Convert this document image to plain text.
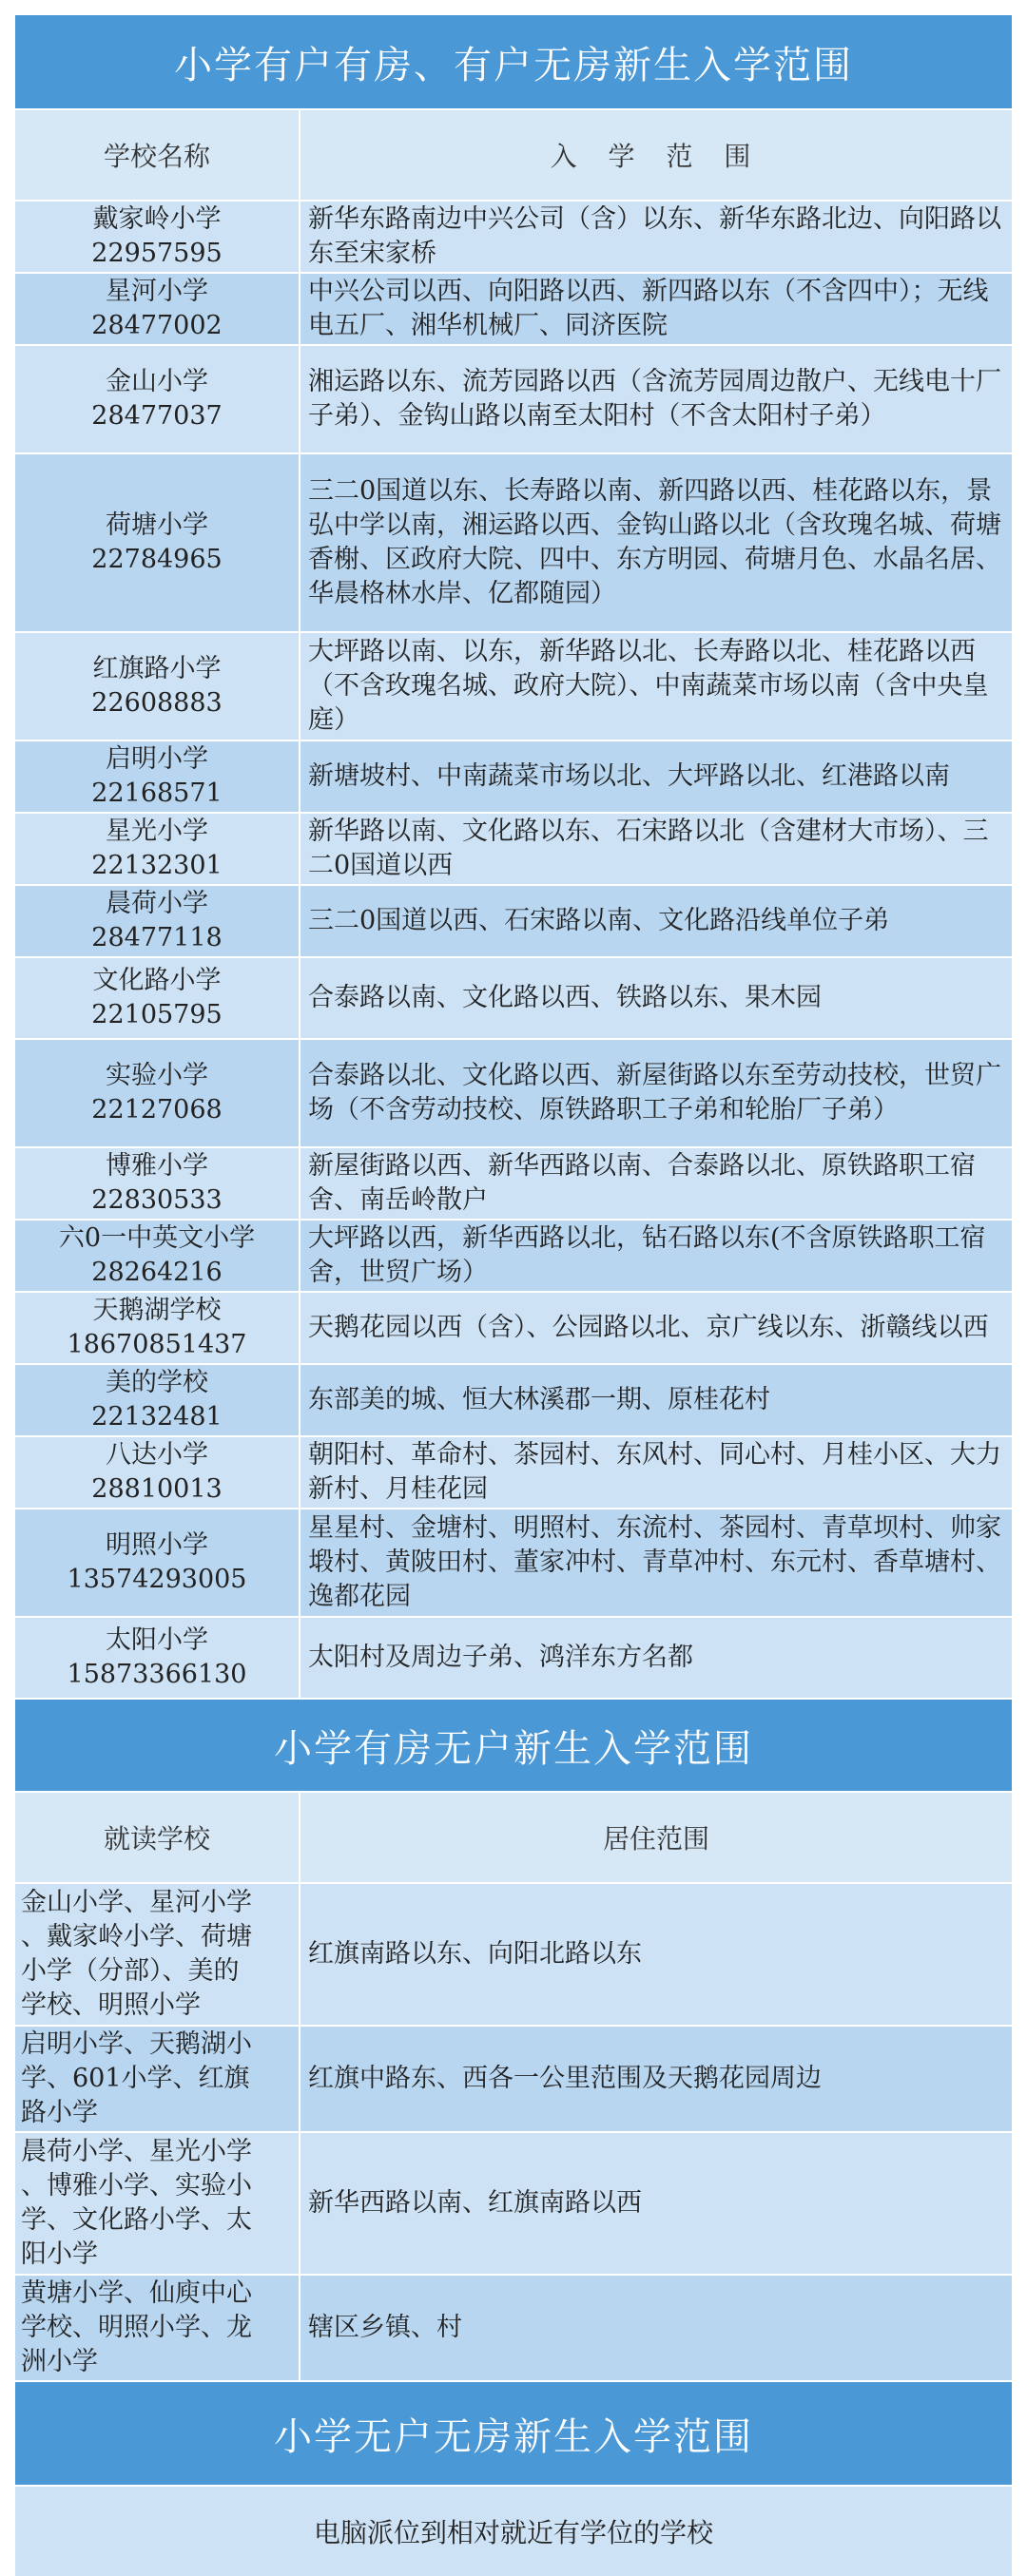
小学有户有房、有户无房新生入学范围
学校名称	入 学 范 围
戴家岭小学
22957595
新华东路南边中兴公司（含）以东、新华东路北边、向阳路以东至宋家桥
星河小学
28477002
中兴公司以西、向阳路以西、新四路以东（不含四中）；无线电五厂、湘华机械厂、同济医院
金山小学
28477037
湘运路以东、流芳园路以西（含流芳园周边散户、无线电十厂子弟）、金钩山路以南至太阳村（不含太阳村子弟）
荷塘小学
22784965
三二0国道以东、长寿路以南、新四路以西、桂花路以东，景弘中学以南，湘运路以西、金钩山路以北（含玫瑰名城、荷塘香榭、区政府大院、四中、东方明园、荷塘月色、水晶名居、华晨格林水岸、亿都随园）
红旗路小学
22608883
大坪路以南、以东，新华路以北、长寿路以北、桂花路以西（不含玫瑰名城、政府大院）、中南蔬菜市场以南（含中央皇庭）
启明小学
22168571
新塘坡村、中南蔬菜市场以北、大坪路以北、红港路以南
星光小学
22132301
新华路以南、文化路以东、石宋路以北（含建材大市场）、三二0国道以西
晨荷小学
28477118
三二0国道以西、石宋路以南、文化路沿线单位子弟
文化路小学
22105795
合泰路以南、文化路以西、铁路以东、果木园
实验小学
22127068
合泰路以北、文化路以西、新屋街路以东至劳动技校，世贸广场（不含劳动技校、原铁路职工子弟和轮胎厂子弟）
博雅小学
22830533
新屋街路以西、新华西路以南、合泰路以北、原铁路职工宿舍、南岳岭散户
六0一中英文小学
28264216
大坪路以西，新华西路以北，钻石路以东(不含原铁路职工宿舍，世贸广场）
天鹅湖学校
18670851437
天鹅花园以西（含）、公园路以北、京广线以东、浙赣线以西
美的学校
22132481
东部美的城、恒大林溪郡一期、原桂花村
八达小学
28810013
朝阳村、革命村、茶园村、东风村、同心村、月桂小区、大力新村、月桂花园
明照小学
13574293005
星星村、金塘村、明照村、东流村、茶园村、青草坝村、帅家塅村、黄陂田村、董家冲村、青草冲村、东元村、香草塘村、逸都花园
太阳小学
15873366130
太阳村及周边子弟、鸿洋东方名都
小学有房无户新生入学范围
就读学校	居住范围
金山小学、星河小学
、戴家岭小学、荷塘
小学（分部）、美的
学校、明照小学
红旗南路以东、向阳北路以东
启明小学、天鹅湖小
学、601小学、红旗
路小学
红旗中路东、西各一公里范围及天鹅花园周边
晨荷小学、星光小学
、博雅小学、实验小
学、文化路小学、太
阳小学
新华西路以南、红旗南路以西
黄塘小学、仙庾中心
学校、明照小学、龙
洲小学
辖区乡镇、村
小学无户无房新生入学范围
电脑派位到相对就近有学位的学校
